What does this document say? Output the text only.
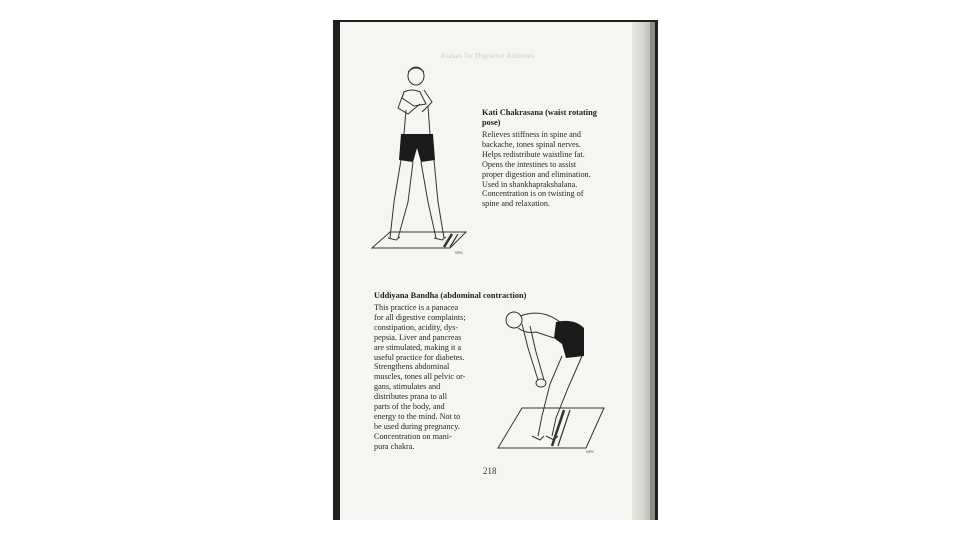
Asanas for Digestive Ailments
SPK
Kati Chakrasana (waist rotating pose)
Relieves stiffness in spine and
backache, tones spinal nerves.
Helps redistribute waistline fat.
Opens the intestines to assist
proper digestion and elimination.
Used in shankhaprakshalana.
Concentration is on twisting of
spine and relaxation.
Uddiyana Bandha (abdominal contraction)
This practice is a panacea
for all digestive complaints;
constipation, acidity, dys-
pepsia. Liver and pancreas
are stimulated, making it a
useful practice for diabetes.
Strengthens abdominal
muscles, tones all pelvic or-
gans, stimulates and
distributes prana to all
parts of the body, and
energy to the mind. Not to
be used during pregnancy.
Concentration on mani-
pura chakra.
SPK
218
